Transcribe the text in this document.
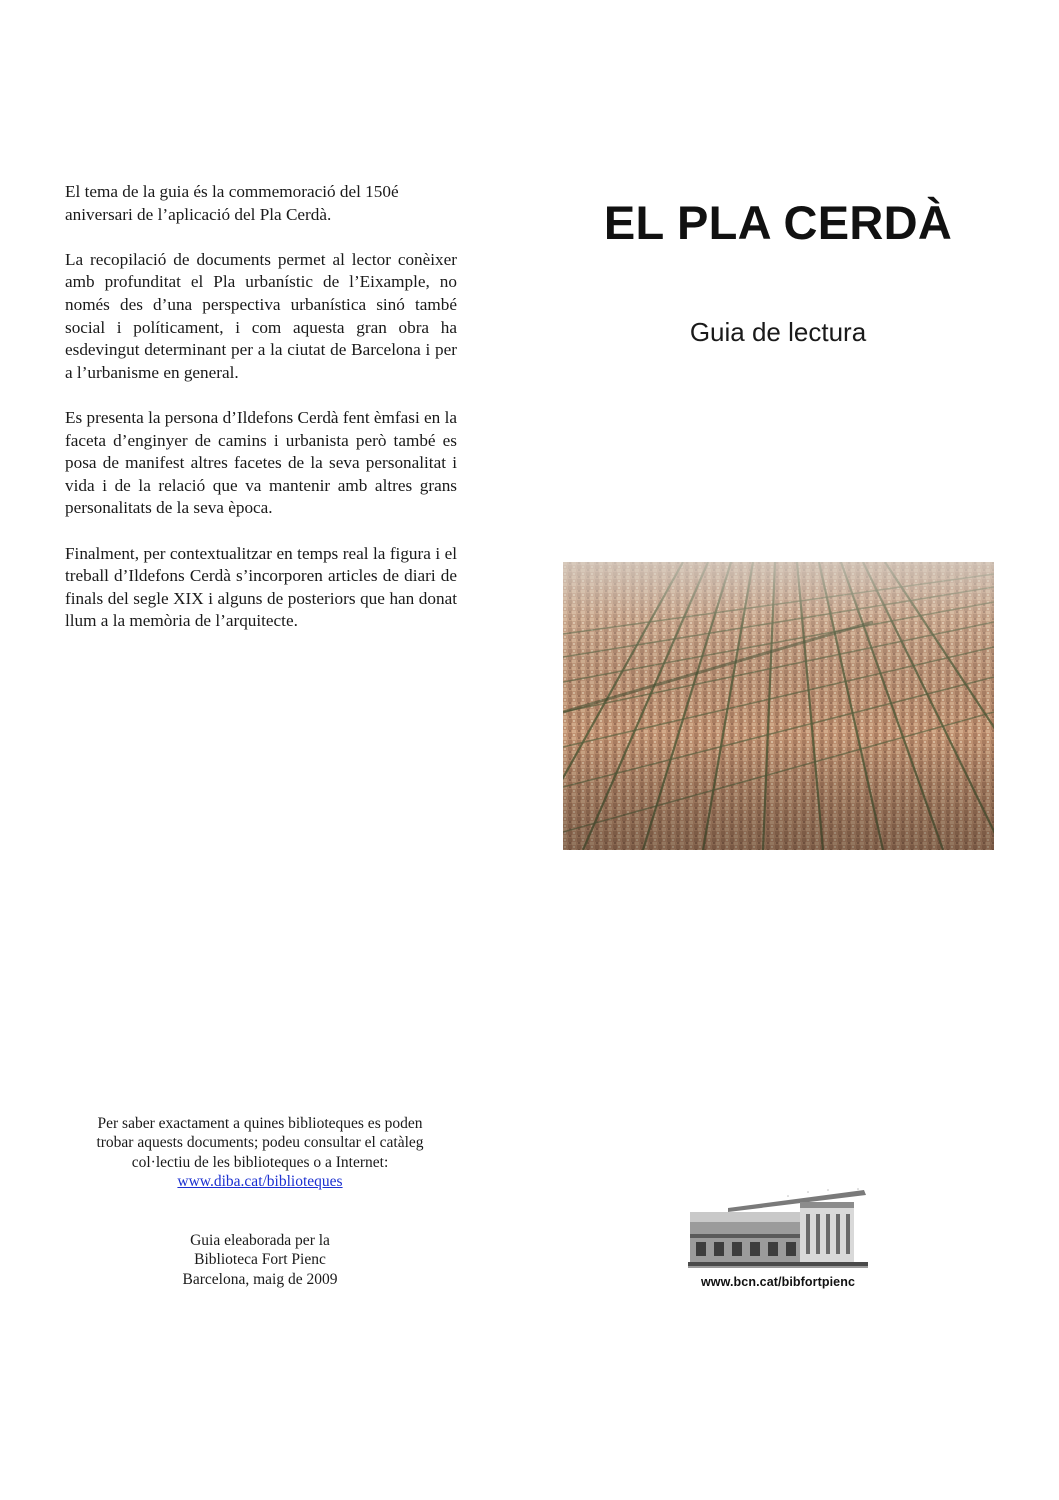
El tema de la guia és la commemoració del 150é aniversari de l’aplicació del Pla Cerdà.

La recopilació de documents permet al lector conèixer amb profunditat el Pla urbanístic de l’Eixample, no només des d’una perspectiva urbanística sinó també social i políticament, i com aquesta gran obra ha esdevingut determinant per a la ciutat de Barcelona i per a l’urbanisme en general.

Es presenta la persona d’Ildefons Cerdà fent èmfasi en la faceta d’enginyer de camins i urbanista però també es posa de manifest altres facetes de la seva personalitat i vida i de la relació que va mantenir amb altres grans personalitats de la seva època.

Finalment, per contextualitzar en temps real la figura i el treball d’Ildefons Cerdà s’incorporen articles de diari de finals del segle XIX i alguns de posteriors que han donat llum a la memòria de l’arquitecte.

EL PLA CERDÀ
Guia de lectura
Per saber exactament a quines biblioteques es poden
trobar aquests documents; podeu consultar el catàleg
col·lectiu de les biblioteques o a Internet:
www.diba.cat/biblioteques
Guia eleaborada per la
Biblioteca Fort Pienc
Barcelona, maig de 2009	www.bcn.cat/bibfortpienc
